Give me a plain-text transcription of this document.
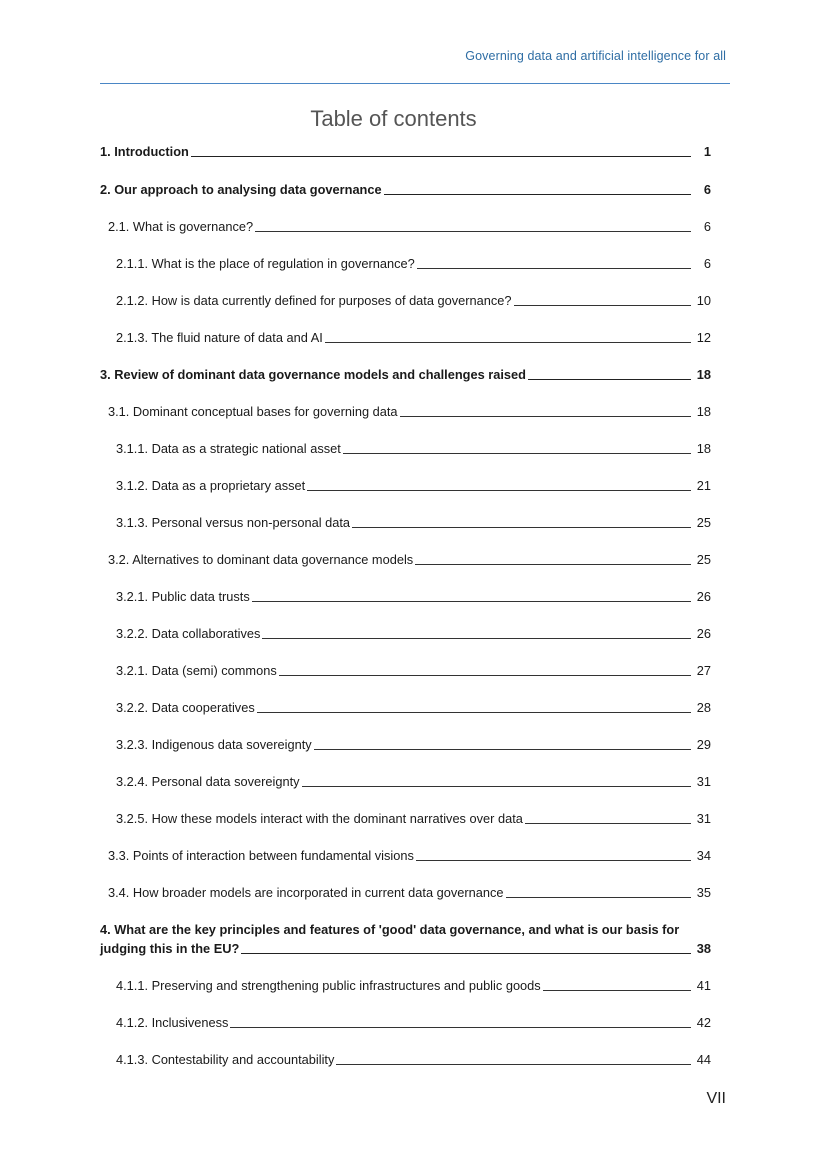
Governing data and artificial intelligence for all
Table of contents
1. Introduction	1
2. Our approach to analysing data governance	6
2.1. What is governance?	6
2.1.1. What is the place of regulation in governance?	6
2.1.2. How is data currently defined for purposes of data governance?	10
2.1.3. The fluid nature of data and AI	12
3. Review of dominant data governance models and challenges raised	18
3.1. Dominant conceptual bases for governing data	18
3.1.1. Data as a strategic national asset	18
3.1.2. Data as a proprietary asset	21
3.1.3. Personal versus non-personal data	25
3.2. Alternatives to dominant data governance models	25
3.2.1. Public data trusts	26
3.2.2. Data collaboratives	26
3.2.1. Data (semi) commons	27
3.2.2. Data cooperatives	28
3.2.3. Indigenous data sovereignty	29
3.2.4. Personal data sovereignty	31
3.2.5. How these models interact with the dominant narratives over data	31
3.3. Points of interaction between fundamental visions	34
3.4. How broader models are incorporated in current data governance	35
4. What are the key principles and features of 'good' data governance, and what is our basis for
judging this in the EU?	38
4.1.1. Preserving and strengthening public infrastructures and public goods	41
4.1.2. Inclusiveness	42
4.1.3. Contestability and accountability	44
VII
